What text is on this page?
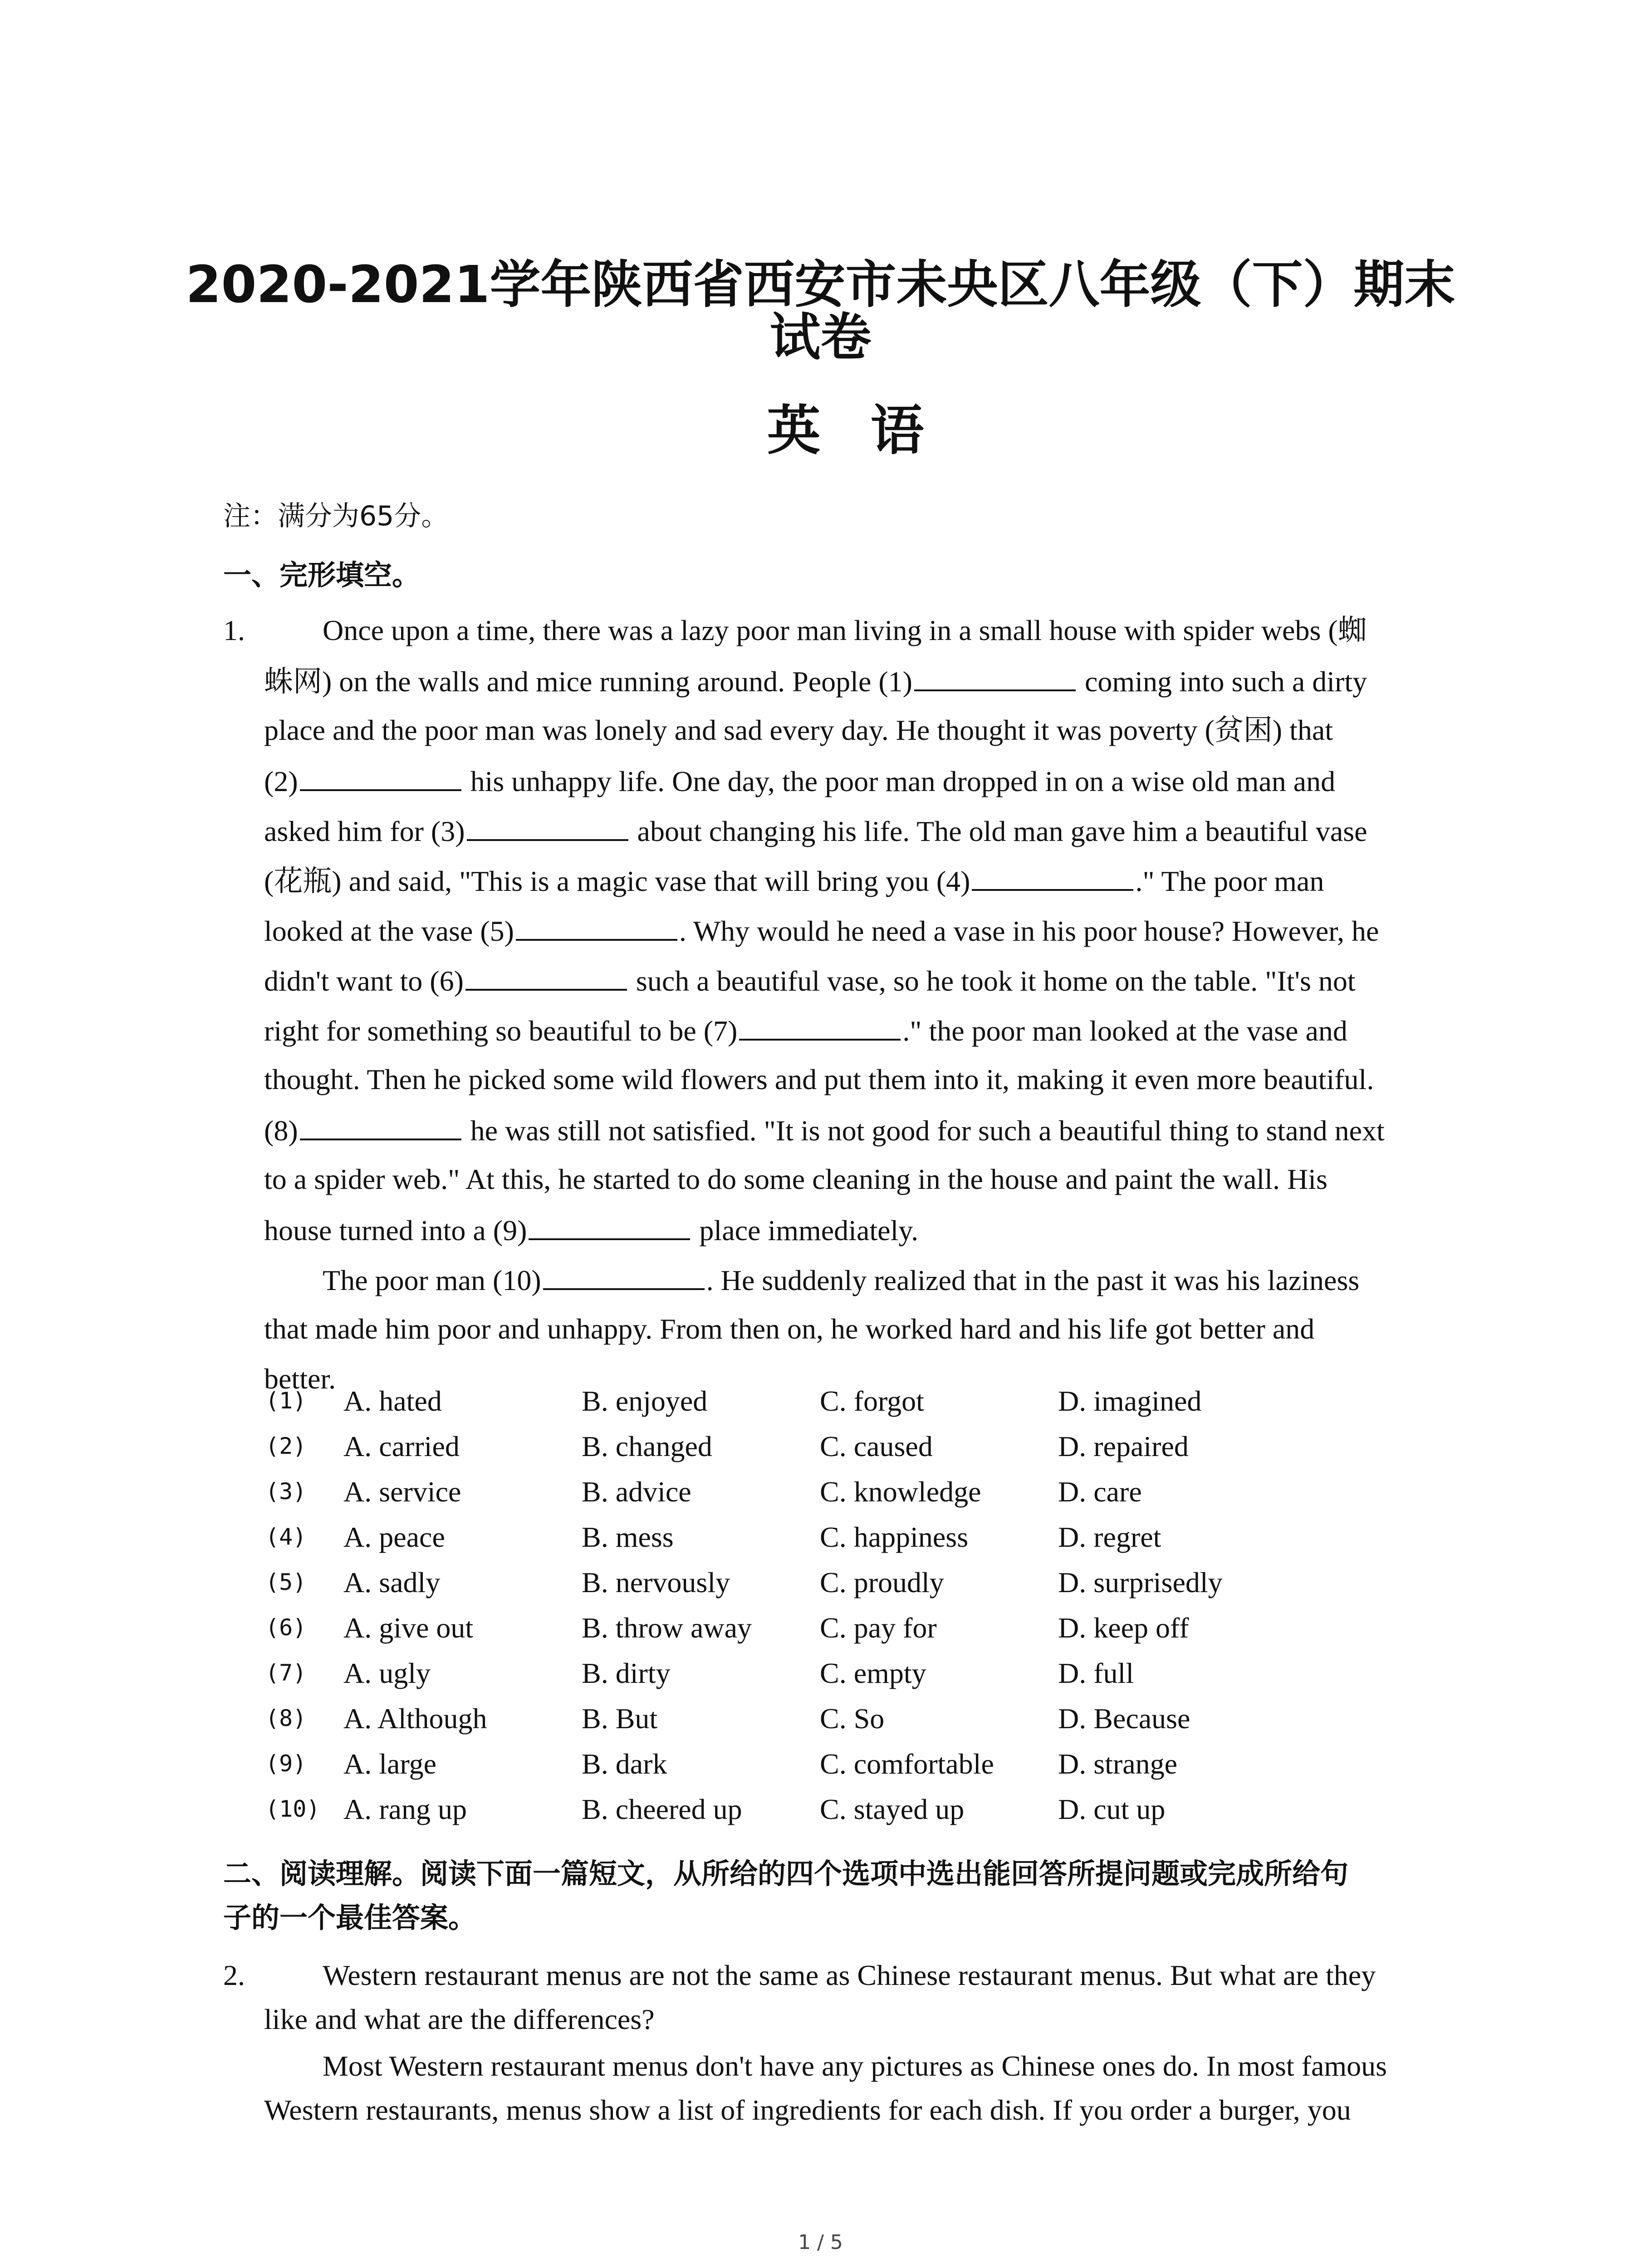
2020-2021学年陕西省西安市未央区八年级（下）期末
试卷
英语
注：满分为65分。
一、完形填空。
1.	Once upon a time, there was a lazy poor man living in a small house with spider webs (蜘
蛛网) on the walls and mice running around. People (1)	coming into such a dirty
place and the poor man was lonely and sad every day. He thought it was poverty (贫困) that
(2)	his unhappy life. One day, the poor man dropped in on a wise old man and
asked him for (3)	about changing his life. The old man gave him a beautiful vase
(花瓶) and said, "This is a magic vase that will bring you (4)	." The poor man
looked at the vase (5)	. Why would he need a vase in his poor house? However, he
didn't want to (6)	such a beautiful vase, so he took it home on the table. "It's not
right for something so beautiful to be (7)	." the poor man looked at the vase and
thought. Then he picked some wild flowers and put them into it, making it even more beautiful.
(8)	he was still not satisfied. "It is not good for such a beautiful thing to stand next
to a spider web." At this, he started to do some cleaning in the house and paint the wall. His
house turned into a (9)	place immediately.
The poor man (10)	. He suddenly realized that in the past it was his laziness
that made him poor and unhappy. From then on, he worked hard and his life got better and
better.
(1) A. hated	B. enjoyed	C. forgot	D. imagined
(2) A. carried	B. changed	C. caused	D. repaired
(3) A. service	B. advice	C. knowledge	D. care
(4) A. peace	B. mess	C. happiness	D. regret
(5) A. sadly	B. nervously	C. proudly	D. surprisedly
(6) A. give out	B. throw away C. pay for	D. keep off
(7) A. ugly	B. dirty	C. empty	D. full
(8) A. Although	B. But	C. So	D. Because
(9) A. large	B. dark	C. comfortable D. strange
(10) A. rang up	B. cheered up	C. stayed up	D. cut up
二、阅读理解。阅读下面一篇短文，从所给的四个选项中选出能回答所提问题或完成所给句
子的一个最佳答案。
2.	Western restaurant menus are not the same as Chinese restaurant menus. But what are they
like and what are the differences?
Most Western restaurant menus don't have any pictures as Chinese ones do. In most famous
Western restaurants, menus show a list of ingredients for each dish. If you order a burger, you
1 / 5
